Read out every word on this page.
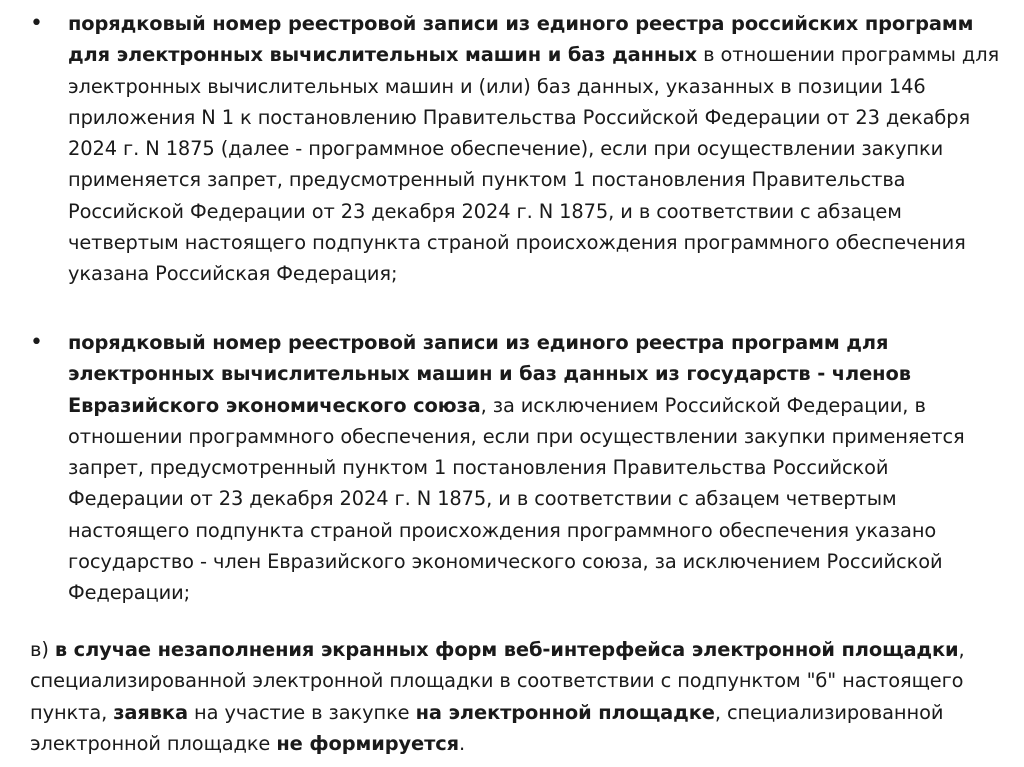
• порядковый номер реестровой записи из единого реестра российских программ для электронных вычислительных машин и баз данных в отношении программы для электронных вычислительных машин и (или) баз данных, указанных в позиции 146 приложения N 1 к постановлению Правительства Российской Федерации от 23 декабря 2024 г. N 1875 (далее - программное обеспечение), если при осуществлении закупки применяется запрет, предусмотренный пунктом 1 постановления Правительства Российской Федерации от 23 декабря 2024 г. N 1875, и в соответствии с абзацем четвертым настоящего подпункта страной происхождения программного обеспечения указана Российская Федерация;
• порядковый номер реестровой записи из единого реестра программ для электронных вычислительных машин и баз данных из государств - членов Евразийского экономического союза, за исключением Российской Федерации, в отношении программного обеспечения, если при осуществлении закупки применяется запрет, предусмотренный пунктом 1 постановления Правительства Российской Федерации от 23 декабря 2024 г. N 1875, и в соответствии с абзацем четвертым настоящего подпункта страной происхождения программного обеспечения указано государство - член Евразийского экономического союза, за исключением Российской Федерации;
в) в случае незаполнения экранных форм веб-интерфейса электронной площадки, специализированной электронной площадки в соответствии с подпунктом "б" настоящего пункта, заявка на участие в закупке на электронной площадке, специализированной электронной площадке не формируется.
